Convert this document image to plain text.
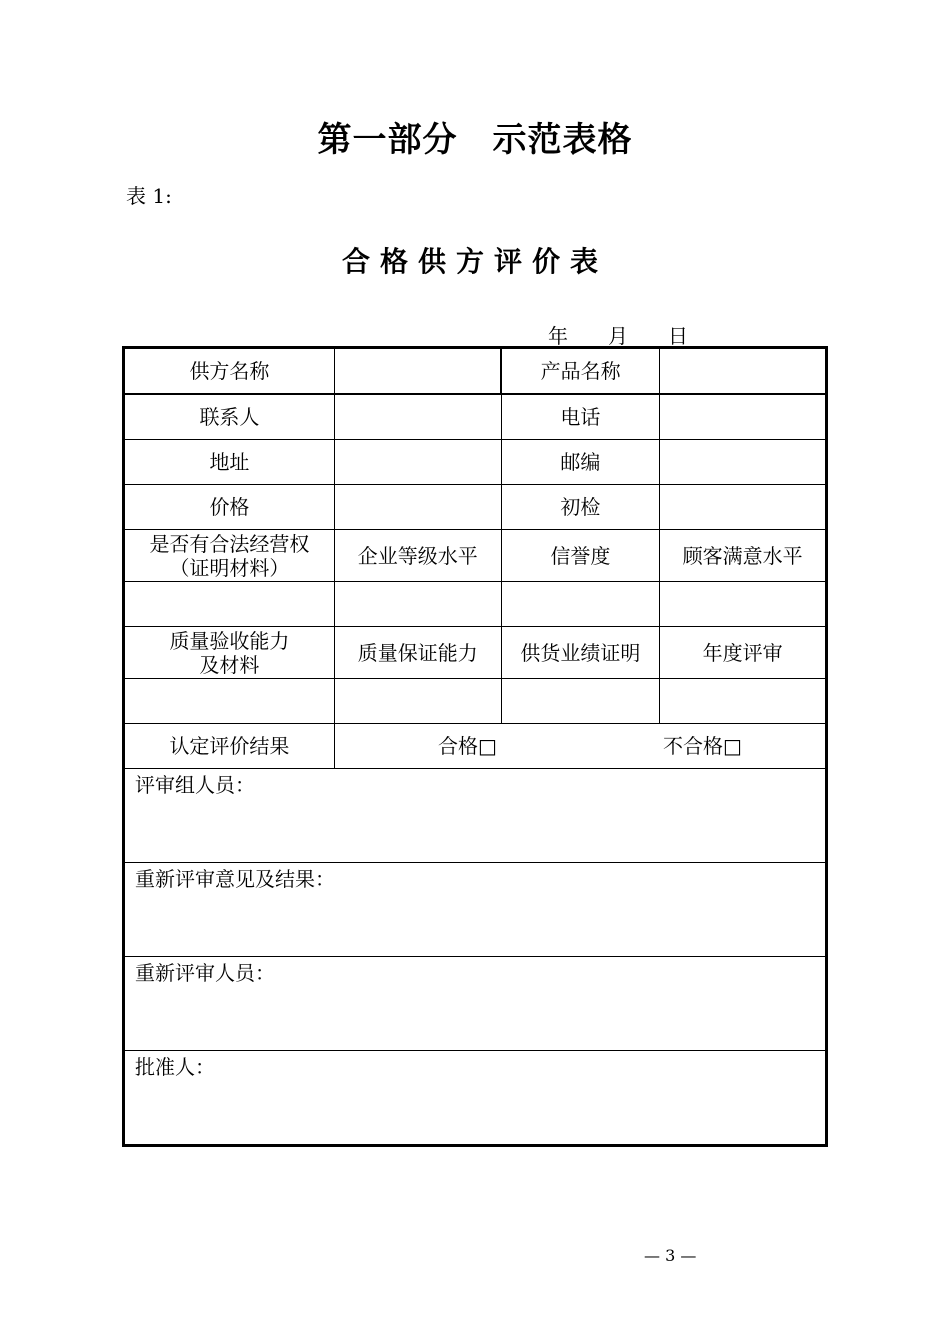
第一部分　示范表格
表 1:
合格供方评价表
年　　月　　日
供方名称		产品名称	
联系人		电话	
地址		邮编	
价格		初检	

是否有合法经营权
（证明材料）	企业等级水平	信誉度	顾客满意水平

质量验收能力
及材料	质量保证能力	供货业绩证明	年度评审

认定评价结果	合格□ 不合格□		

评审组人员：			
重新评审意见及结果：			
重新评审人员：			
批准人：			
— 3 —
